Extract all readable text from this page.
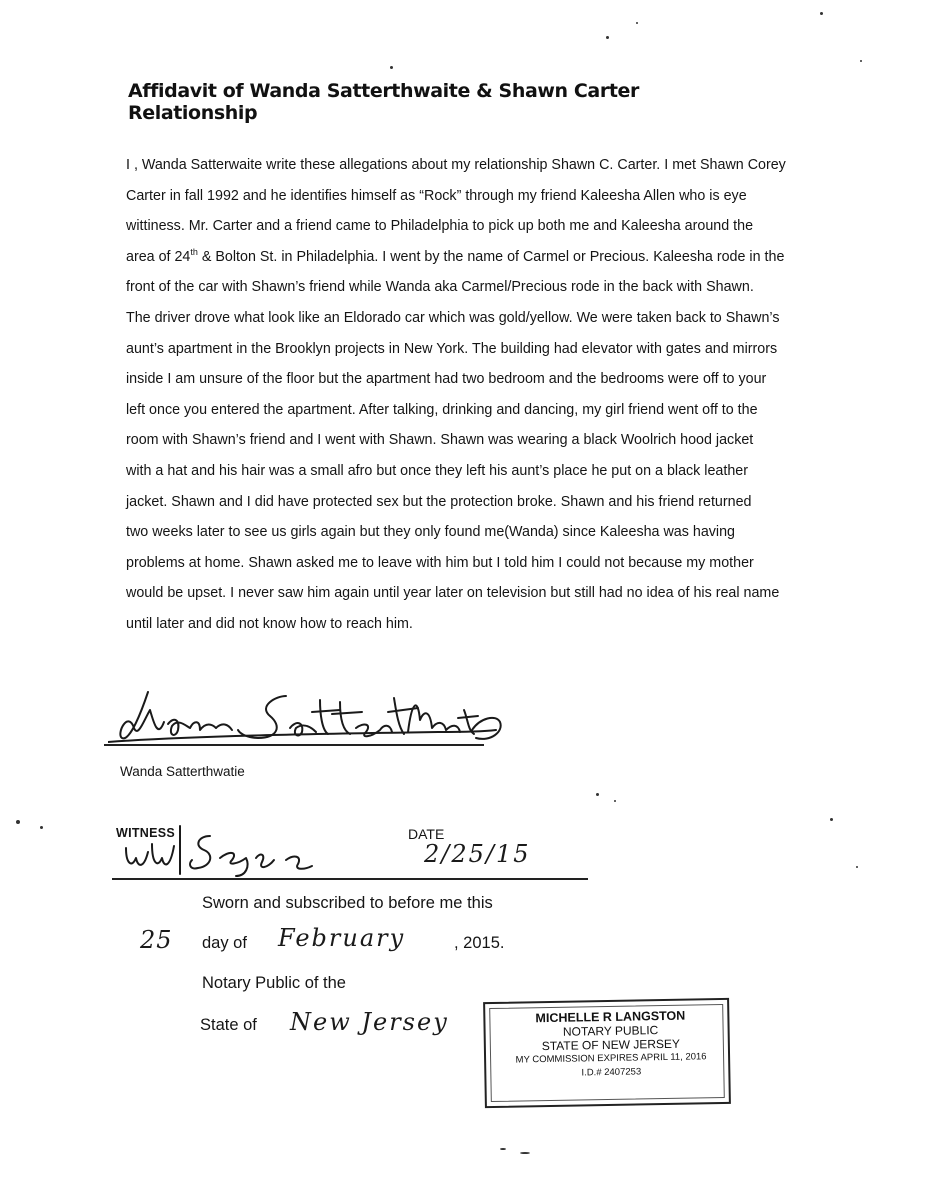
Affidavit of Wanda Satterthwaite & Shawn Carter Relationship

I , Wanda Satterwaite write these allegations about my relationship Shawn C. Carter. I met Shawn Corey

Carter in fall 1992 and he identifies himself as “Rock” through my friend Kaleesha Allen who is eye

wittiness. Mr. Carter and a friend came to Philadelphia to pick up both me and Kaleesha around the

area of 24th & Bolton St. in Philadelphia. I went by the name of Carmel or Precious. Kaleesha rode in the

front of the car with Shawn’s friend while Wanda aka Carmel/Precious rode in the back with Shawn.

The driver drove what look like an Eldorado car which was gold/yellow. We were taken back to Shawn’s

aunt’s apartment in the Brooklyn projects in New York. The building had elevator with gates and mirrors

inside I am unsure of the floor but the apartment had two bedroom and the bedrooms were off to your

left once you entered the apartment. After talking, drinking and dancing, my girl friend went off to the

room with Shawn’s friend and I went with Shawn. Shawn was wearing a black Woolrich hood jacket

with a hat and his hair was a small afro but once they left his aunt’s place he put on a black leather

jacket. Shawn and I did have protected sex but the protection broke. Shawn and his friend returned

two weeks later to see us girls again but they only found me(Wanda) since Kaleesha was having

problems at home. Shawn asked me to leave with him but I told him I could not because my mother

would be upset. I never saw him again until year later on television but still had no idea of his real name

until later and did not know how to reach him.

Wanda Satterthwatie
WITNESS	DATE
2/25/15
Sworn and subscribed to before me this
25 day of February	, 2015.
Notary Public of the
State of New Jersey	MICHELLE R LANGSTON
NOTARY PUBLIC
STATE OF NEW JERSEY
MY COMMISSION EXPIRES APRIL 11, 2016
I.D.# 2407253
